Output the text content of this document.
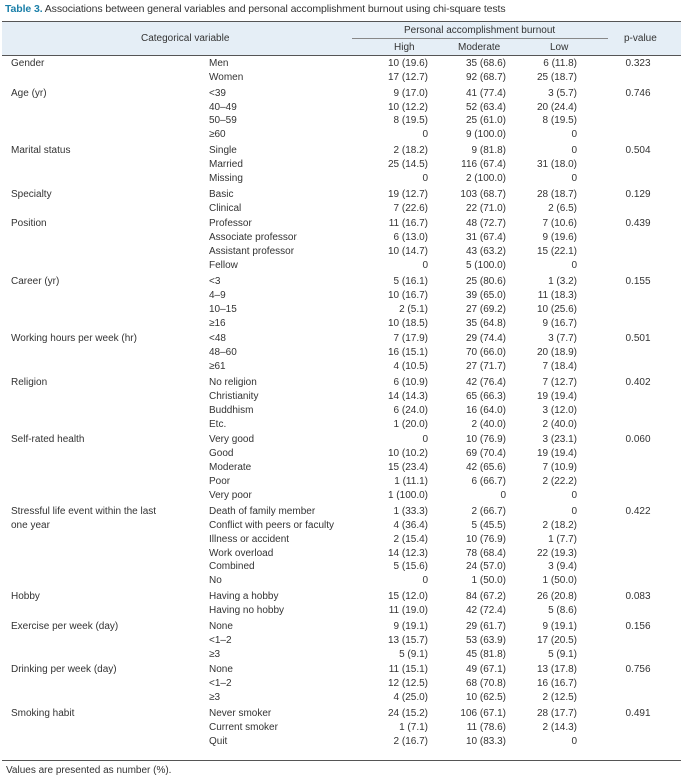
Table 3. Associations between general variables and personal accomplishment burnout using chi-square tests
Categorical variable
Personal accomplishment burnout
High	Moderate	Low
p-value
Gender	Men	10 (19.6)	35 (68.6)	6 (11.8)	0.323
Women	17 (12.7)	92 (68.7)	25 (18.7)
Age (yr)	<39	9 (17.0)	41 (77.4)	3 (5.7)	0.746
40–49	10 (12.2)	52 (63.4)	20 (24.4)
50–59	8 (19.5)	25 (61.0)	8 (19.5)
≥60	0	9 (100.0)	0
Marital status	Single	2 (18.2)	9 (81.8)	0	0.504
Married	25 (14.5)	116 (67.4)	31 (18.0)
Missing	0	2 (100.0)	0
Specialty	Basic	19 (12.7)	103 (68.7)	28 (18.7)	0.129
Clinical	7 (22.6)	22 (71.0)	2 (6.5)
Position	Professor	11 (16.7)	48 (72.7)	7 (10.6)	0.439
Associate professor	6 (13.0)	31 (67.4)	9 (19.6)
Assistant professor	10 (14.7)	43 (63.2)	15 (22.1)
Fellow	0	5 (100.0)	0
Career (yr)	<3	5 (16.1)	25 (80.6)	1 (3.2)	0.155
4–9	10 (16.7)	39 (65.0)	11 (18.3)
10–15	2 (5.1)	27 (69.2)	10 (25.6)
≥16	10 (18.5)	35 (64.8)	9 (16.7)
Working hours per week (hr)	<48	7 (17.9)	29 (74.4)	3 (7.7)	0.501
48–60	16 (15.1)	70 (66.0)	20 (18.9)
≥61	4 (10.5)	27 (71.7)	7 (18.4)
Religion	No religion	6 (10.9)	42 (76.4)	7 (12.7)	0.402
Christianity	14 (14.3)	65 (66.3)	19 (19.4)
Buddhism	6 (24.0)	16 (64.0)	3 (12.0)
Etc.	1 (20.0)	2 (40.0)	2 (40.0)
Self-rated health	Very good	0	10 (76.9)	3 (23.1)	0.060
Good	10 (10.2)	69 (70.4)	19 (19.4)
Moderate	15 (23.4)	42 (65.6)	7 (10.9)
Poor	1 (11.1)	6 (66.7)	2 (22.2)
Very poor	1 (100.0)	0	0
Stressful life event within the last	Death of family member	1 (33.3)	2 (66.7)	0	0.422
one year	Conflict with peers or faculty	4 (36.4)	5 (45.5)	2 (18.2)
Illness or accident	2 (15.4)	10 (76.9)	1 (7.7)
Work overload	14 (12.3)	78 (68.4)	22 (19.3)
Combined	5 (15.6)	24 (57.0)	3 (9.4)
No	0	1 (50.0)	1 (50.0)
Hobby	Having a hobby	15 (12.0)	84 (67.2)	26 (20.8)	0.083
Having no hobby	11 (19.0)	42 (72.4)	5 (8.6)
Exercise per week (day)	None	9 (19.1)	29 (61.7)	9 (19.1)	0.156
<1–2	13 (15.7)	53 (63.9)	17 (20.5)
≥3	5 (9.1)	45 (81.8)	5 (9.1)
Drinking per week (day)	None	11 (15.1)	49 (67.1)	13 (17.8)	0.756
<1–2	12 (12.5)	68 (70.8)	16 (16.7)
≥3	4 (25.0)	10 (62.5)	2 (12.5)
Smoking habit	Never smoker	24 (15.2)	106 (67.1)	28 (17.7)	0.491
Current smoker	1 (7.1)	11 (78.6)	2 (14.3)
Quit	2 (16.7)	10 (83.3)	0
Values are presented as number (%).
